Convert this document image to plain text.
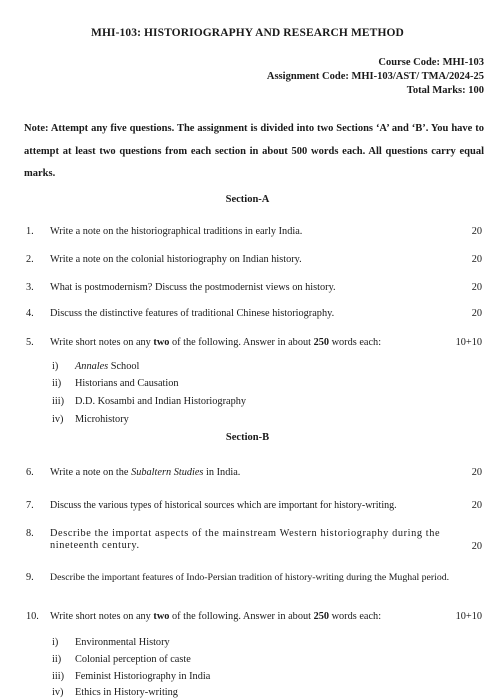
MHI-103: HISTORIOGRAPHY AND RESEARCH METHOD
Course Code: MHI-103
Assignment Code: MHI-103/AST/ TMA/2024-25
Total Marks: 100
Note: Attempt any five questions. The assignment is divided into two Sections ‘A’ and ‘B’. You have to attempt at least two questions from each section in about 500 words each. All questions carry equal marks.
Section-A
1. Write a note on the historiographical traditions in early India.	20
2. Write a note on the colonial historiography on Indian history.	20
3. What is postmodernism? Discuss the postmodernist views on history.	20
4. Discuss the distinctive features of traditional Chinese historiography.	20
5. Write short notes on any two of the following. Answer in about 250 words each:	10+10
i) Annales School
ii) Historians and Causation
iii) D.D. Kosambi and Indian Historiography
iv) Microhistory
Section-B
6. Write a note on the Subaltern Studies in India.	20
7. Discuss the various types of historical sources which are important for history-writing.	20
8. Describe the importat aspects of the mainstream Western historiography during the nineteenth century.	20
9. Describe the important features of Indo-Persian tradition of history-writing during the Mughal period.
10. Write short notes on any two of the following. Answer in about 250 words each:	10+10
i) Environmental History
ii) Colonial perception of caste
iii) Feminist Historiography in India
iv) Ethics in History-writing
